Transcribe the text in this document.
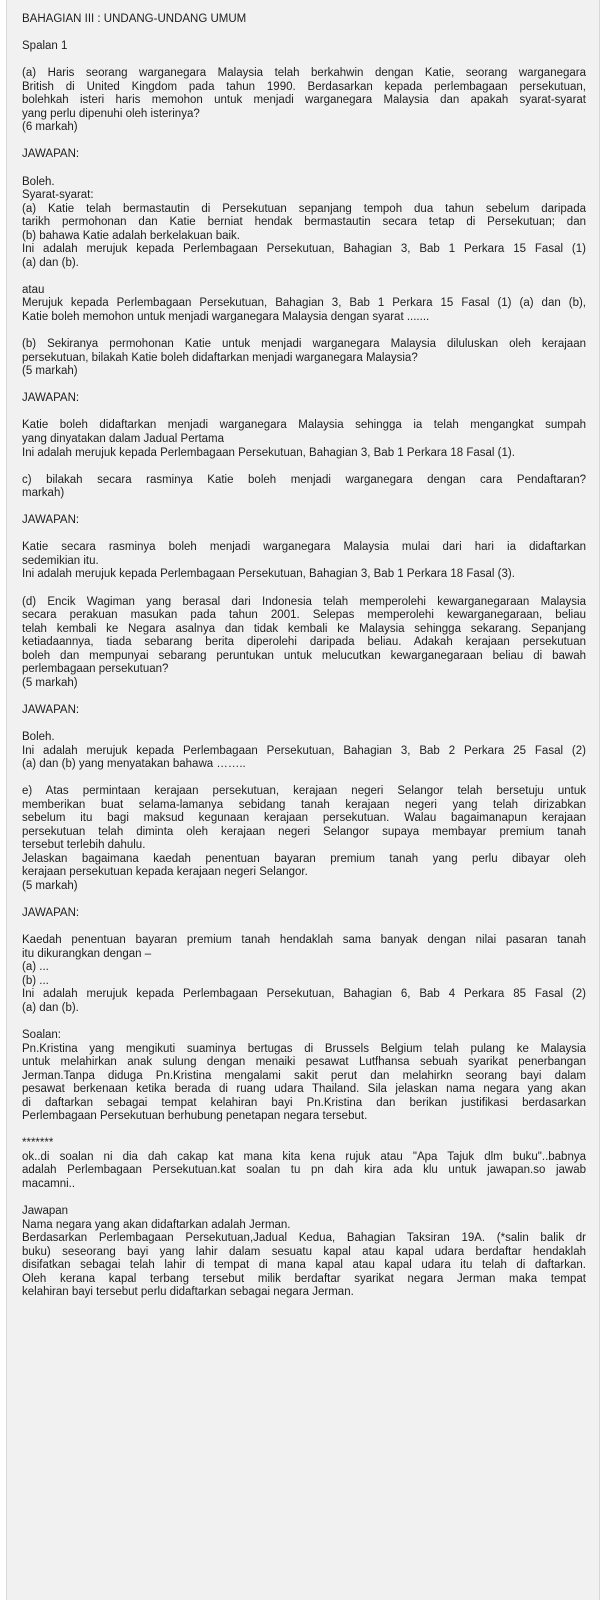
BAHAGIAN III : UNDANG-UNDANG UMUM
Spalan 1
(a) Haris seorang warganegara Malaysia telah berkahwin dengan Katie, seorang warganegara
British di United Kingdom pada tahun 1990. Berdasarkan kepada perlembagaan persekutuan,
bolehkah isteri haris memohon untuk menjadi warganegara Malaysia dan apakah syarat-syarat
yang perlu dipenuhi oleh isterinya?
(6 markah)
JAWAPAN:
Boleh.
Syarat-syarat:
(a) Katie telah bermastautin di Persekutuan sepanjang tempoh dua tahun sebelum daripada
tarikh permohonan dan Katie berniat hendak bermastautin secara tetap di Persekutuan; dan
(b) bahawa Katie adalah berkelakuan baik.
Ini adalah merujuk kepada Perlembagaan Persekutuan, Bahagian 3, Bab 1 Perkara 15 Fasal (1)
(a) dan (b).
atau
Merujuk kepada Perlembagaan Persekutuan, Bahagian 3, Bab 1 Perkara 15 Fasal (1) (a) dan (b),
Katie boleh memohon untuk menjadi warganegara Malaysia dengan syarat .......
(b) Sekiranya permohonan Katie untuk menjadi warganegara Malaysia diluluskan oleh kerajaan
persekutuan, bilakah Katie boleh didaftarkan menjadi warganegara Malaysia?
(5 markah)
JAWAPAN:
Katie boleh didaftarkan menjadi warganegara Malaysia sehingga ia telah mengangkat sumpah
yang dinyatakan dalam Jadual Pertama
Ini adalah merujuk kepada Perlembagaan Persekutuan, Bahagian 3, Bab 1 Perkara 18 Fasal (1).
c) bilakah secara rasminya Katie boleh menjadi warganegara dengan cara Pendaftaran?
markah)
JAWAPAN:
Katie secara rasminya boleh menjadi warganegara Malaysia mulai dari hari ia didaftarkan
sedemikian itu.
Ini adalah merujuk kepada Perlembagaan Persekutuan, Bahagian 3, Bab 1 Perkara 18 Fasal (3).
(d) Encik Wagiman yang berasal dari Indonesia telah memperolehi kewarganegaraan Malaysia
secara perakuan masukan pada tahun 2001. Selepas memperolehi kewarganegaraan, beliau
telah kembali ke Negara asalnya dan tidak kembali ke Malaysia sehingga sekarang. Sepanjang
ketiadaannya, tiada sebarang berita diperolehi daripada beliau. Adakah kerajaan persekutuan
boleh dan mempunyai sebarang peruntukan untuk melucutkan kewarganegaraan beliau di bawah
perlembagaan persekutuan?
(5 markah)
JAWAPAN:
Boleh.
Ini adalah merujuk kepada Perlembagaan Persekutuan, Bahagian 3, Bab 2 Perkara 25 Fasal (2)
(a) dan (b) yang menyatakan bahawa ……..
e) Atas permintaan kerajaan persekutuan, kerajaan negeri Selangor telah bersetuju untuk
memberikan buat selama-lamanya sebidang tanah kerajaan negeri yang telah dirizabkan
sebelum itu bagi maksud kegunaan kerajaan persekutuan. Walau bagaimanapun kerajaan
persekutuan telah diminta oleh kerajaan negeri Selangor supaya membayar premium tanah
tersebut terlebih dahulu.
Jelaskan bagaimana kaedah penentuan bayaran premium tanah yang perlu dibayar oleh
kerajaan persekutuan kepada kerajaan negeri Selangor.
(5 markah)
JAWAPAN:
Kaedah penentuan bayaran premium tanah hendaklah sama banyak dengan nilai pasaran tanah
itu dikurangkan dengan –
(a) ...
(b) ...
Ini adalah merujuk kepada Perlembagaan Persekutuan, Bahagian 6, Bab 4 Perkara 85 Fasal (2)
(a) dan (b).
Soalan:
Pn.Kristina yang mengikuti suaminya bertugas di Brussels Belgium telah pulang ke Malaysia
untuk melahirkan anak sulung dengan menaiki pesawat Lutfhansa sebuah syarikat penerbangan
Jerman.Tanpa diduga Pn.Kristina mengalami sakit perut dan melahirkn seorang bayi dalam
pesawat berkenaan ketika berada di ruang udara Thailand. Sila jelaskan nama negara yang akan
di daftarkan sebagai tempat kelahiran bayi Pn.Kristina dan berikan justifikasi berdasarkan
Perlembagaan Persekutuan berhubung penetapan negara tersebut.
*******
ok..di soalan ni dia dah cakap kat mana kita kena rujuk atau "Apa Tajuk dlm buku"..babnya
adalah Perlembagaan Persekutuan.kat soalan tu pn dah kira ada klu untuk jawapan.so jawab
macamni..
Jawapan
Nama negara yang akan didaftarkan adalah Jerman.
Berdasarkan Perlembagaan Persekutuan,Jadual Kedua, Bahagian Taksiran 19A. (*salin balik dr
buku) seseorang bayi yang lahir dalam sesuatu kapal atau kapal udara berdaftar hendaklah
disifatkan sebagai telah lahir di tempat di mana kapal atau kapal udara itu telah di daftarkan.
Oleh kerana kapal terbang tersebut milik berdaftar syarikat negara Jerman maka tempat
kelahiran bayi tersebut perlu didaftarkan sebagai negara Jerman.
